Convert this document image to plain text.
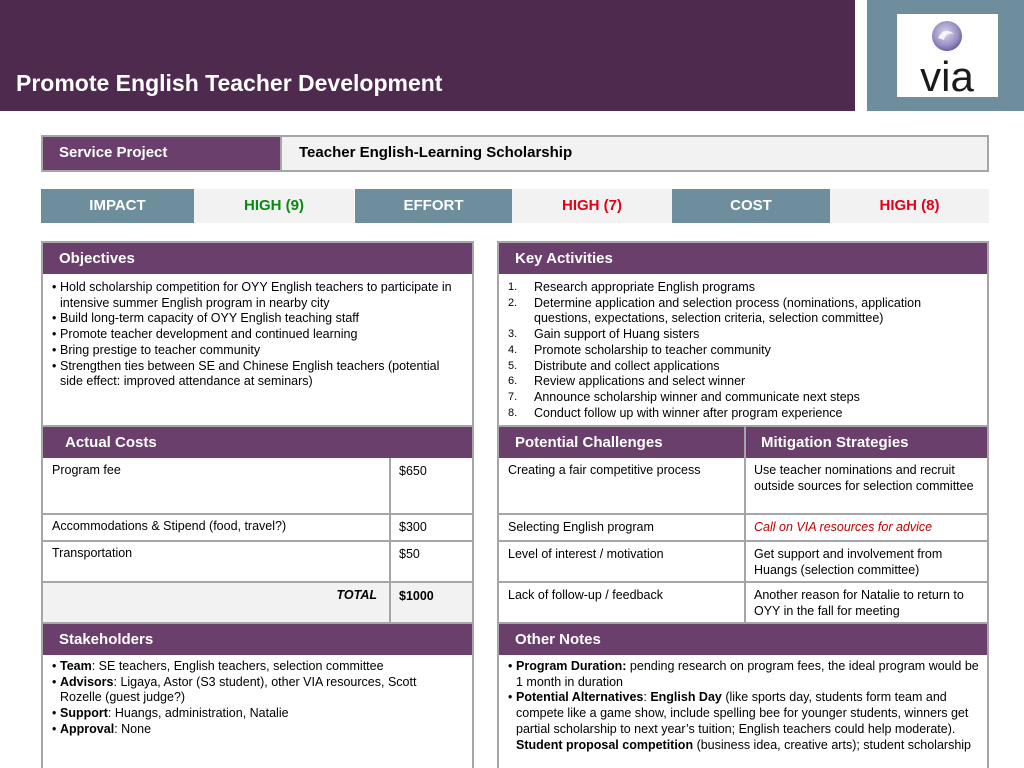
Promote English Teacher Development	via
Service Project	Teacher English-Learning Scholarship
IMPACT	HIGH (9)	EFFORT	HIGH (7)	COST	HIGH (8)
Objectives
• Hold scholarship competition for OYY English teachers to participate in intensive summer English program in nearby city
• Build long-term capacity of OYY English teaching staff
• Promote teacher development and continued learning
• Bring prestige to teacher community
• Strengthen ties between SE and Chinese English teachers (potential side effect: improved attendance at seminars)
Key Activities
1.	Research appropriate English programs
2.	Determine application and selection process (nominations, application questions, expectations, selection criteria, selection committee)
3.	Gain support of Huang sisters
4.	Promote scholarship to teacher community
5.	Distribute and collect applications
6.	Review applications and select winner
7.	Announce scholarship winner and communicate next steps
8.	Conduct follow up with winner after program experience
Actual Costs
Program fee	$650
Accommodations & Stipend (food, travel?)	$300
Transportation	$50
TOTAL $1000
Potential Challenges	Mitigation Strategies
Creating a fair competitive process	Use teacher nominations and recruit outside sources for selection committee
Selecting English program	Call on VIA resources for advice
Level of interest / motivation	Get support and involvement from Huangs (selection committee)
Lack of follow-up / feedback	Another reason for Natalie to return to OYY in the fall for meeting
Stakeholders
• Team: SE teachers, English teachers, selection committee
• Advisors: Ligaya, Astor (S3 student), other VIA resources, Scott Rozelle (guest judge?)
• Support: Huangs, administration, Natalie
• Approval: None
Other Notes
• Program Duration: pending research on program fees, the ideal program would be 1 month in duration
• Potential Alternatives: English Day (like sports day, students form team and compete like a game show, include spelling bee for younger students, winners get partial scholarship to next year’s tuition; English teachers could help moderate). Student proposal competition (business idea, creative arts); student scholarship
